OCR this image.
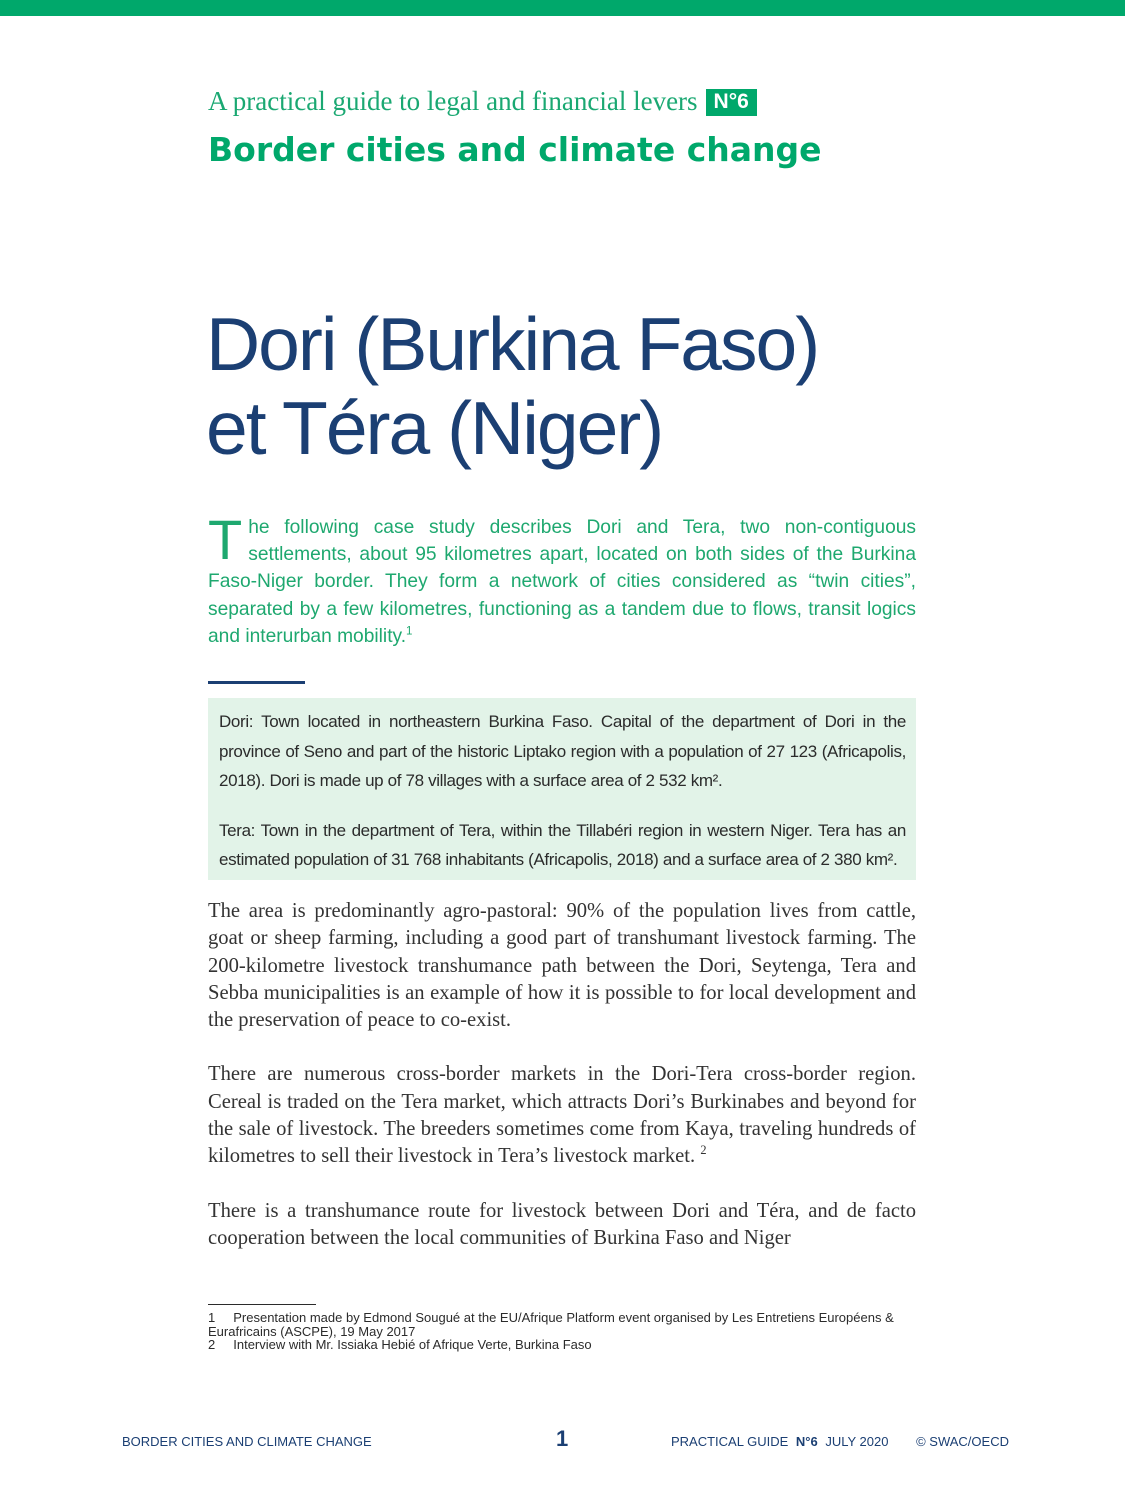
A practical guide to legal and financial levers N°6
Border cities and climate change
Dori (Burkina Faso)
et Téra (Niger)
The following case study describes Dori and Tera, two non-contiguous settlements, about 95 kilometres apart, located on both sides of the Burkina Faso-Niger border. They form a network of cities considered as “twin cities”, separated by a few kilometres, functioning as a tandem due to flows, transit logics and interurban mobility.$^1$

Dori: Town located in northeastern Burkina Faso. Capital of the department of Dori in the province of Seno and part of the historic Liptako region with a population of 27 123 (Africapolis, 2018). Dori is made up of 78 villages with a surface area of 2 532 km².

Tera: Town in the department of Tera, within the Tillabéri region in western Niger. Tera has an estimated population of 31 768 inhabitants (Africapolis, 2018) and a surface area of 2 380 km².

The area is predominantly agro-pastoral: 90% of the population lives from cattle, goat or sheep farming, including a good part of transhumant livestock farming. The 200-kilometre livestock transhumance path between the Dori, Seytenga, Tera and Sebba municipalities is an example of how it is possible to for local development and the preservation of peace to co-exist.

There are numerous cross-border markets in the Dori-Tera cross-border region. Cereal is traded on the Tera market, which attracts Dori’s Burkinabes and beyond for the sale of livestock. The breeders sometimes come from Kaya, traveling hundreds of kilometres to sell their livestock in Tera’s livestock market. $^2$

There is a transhumance route for livestock between Dori and Téra, and de facto cooperation between the local communities of Burkina Faso and Niger

1 Presentation made by Edmond Sougué at the EU/Afrique Platform event organised by Les Entretiens Européens & Eurafricains (ASCPE), 19 May 2017
2 Interview with Mr. Issiaka Hebié of Afrique Verte, Burkina Faso
BORDER CITIES AND CLIMATE CHANGE	1	PRACTICAL GUIDE N°6 JULY 2020 © SWAC/OECD
